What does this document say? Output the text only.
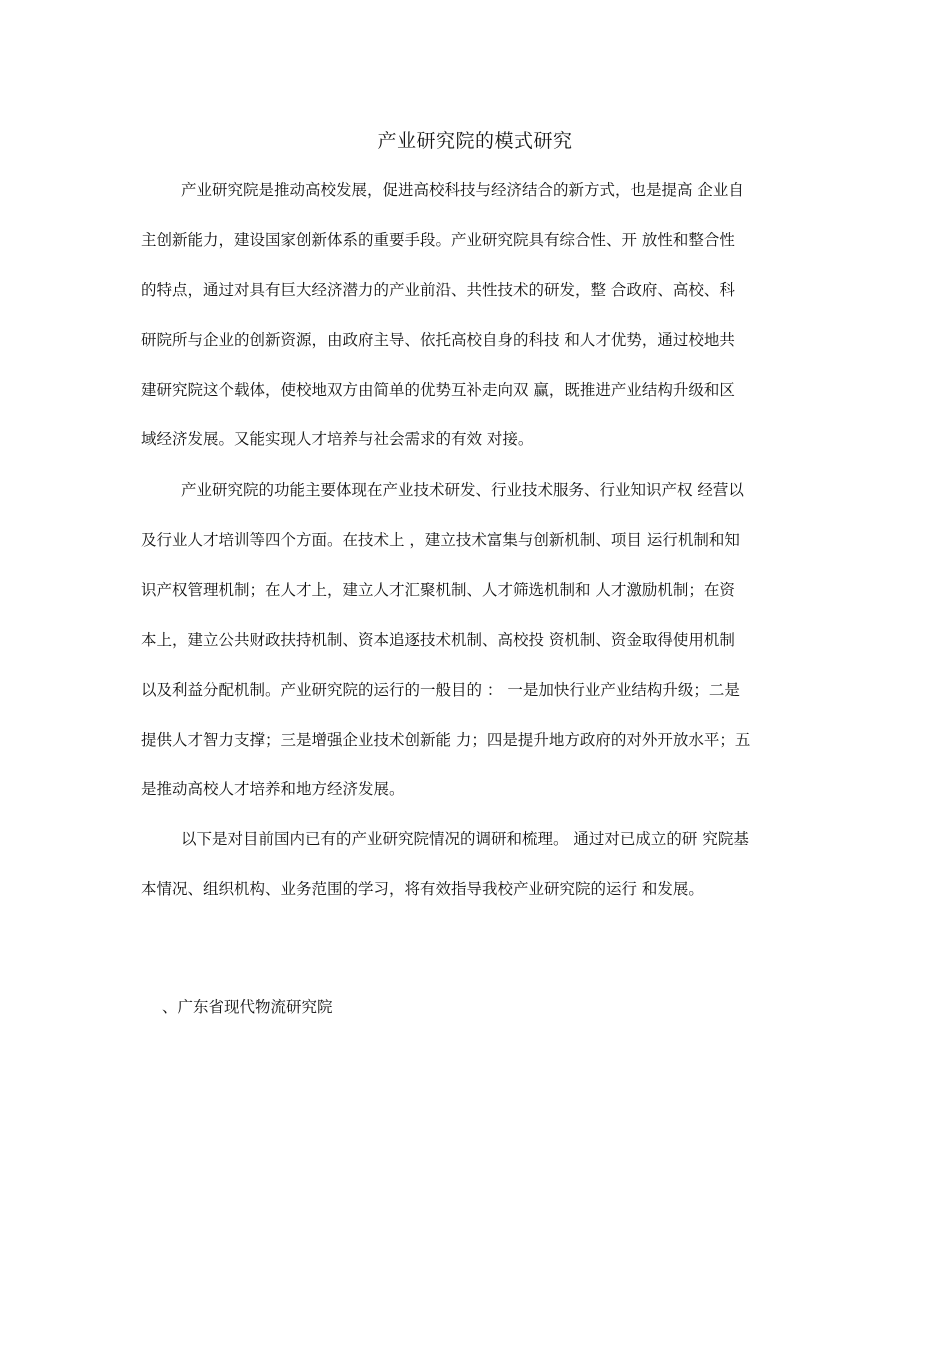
产业研究院的模式研究

产业研究院是推动高校发展，促进高校科技与经济结合的新方式，也是提高 企业自

主创新能力，建设国家创新体系的重要手段。产业研究院具有综合性、开 放性和整合性

的特点，通过对具有巨大经济潜力的产业前沿、共性技术的研发，整 合政府、高校、科

研院所与企业的创新资源，由政府主导、依托高校自身的科技 和人才优势，通过校地共

建研究院这个载体，使校地双方由简单的优势互补走向双 赢，既推进产业结构升级和区

域经济发展。又能实现人才培养与社会需求的有效 对接。

产业研究院的功能主要体现在产业技术研发、行业技术服务、行业知识产权 经营以

及行业人才培训等四个方面。在技术上 ，建立技术富集与创新机制、项目 运行机制和知

识产权管理机制；在人才上，建立人才汇聚机制、人才筛选机制和 人才激励机制；在资

本上，建立公共财政扶持机制、资本追逐技术机制、高校投 资机制、资金取得使用机制

以及利益分配机制。产业研究院的运行的一般目的 ： 一是加快行业产业结构升级；二是

提供人才智力支撑；三是增强企业技术创新能 力；四是提升地方政府的对外开放水平；五

是推动高校人才培养和地方经济发展。

以下是对目前国内已有的产业研究院情况的调研和梳理。 通过对已成立的研 究院基

本情况、组织机构、业务范围的学习，将有效指导我校产业研究院的运行 和发展。

、广东省现代物流研究院
